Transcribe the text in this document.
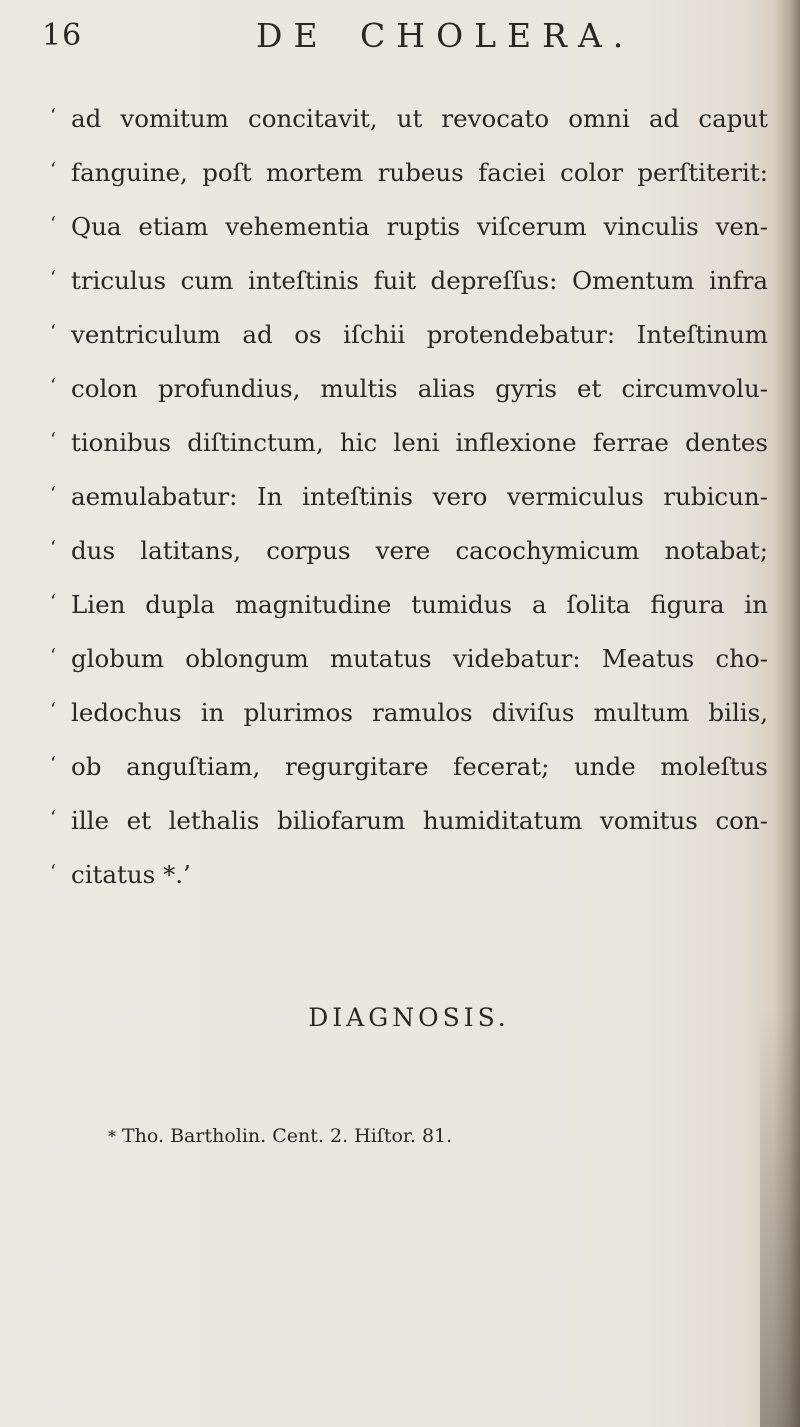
16	DE CHOLERA.
‘ ad vomitum concitavit, ut revocato omni ad caput
‘ fanguine, poſt mortem rubeus faciei color perſtiterit:
‘ Qua etiam vehementia ruptis viſcerum vinculis ven-
‘ triculus cum inteſtinis fuit depreſſus: Omentum infra
‘ ventriculum ad os iſchii protendebatur: Inteſtinum
‘ colon profundius, multis alias gyris et circumvolu-
‘ tionibus diſtinctum, hic leni inflexione ferrae dentes
‘ aemulabatur: In inteſtinis vero vermiculus rubicun-
‘ dus latitans, corpus vere cacochymicum notabat;
‘ Lien dupla magnitudine tumidus a ſolita figura in
‘ globum oblongum mutatus videbatur: Meatus cho-
‘ ledochus in plurimos ramulos diviſus multum bilis,
‘ ob anguſtiam, regurgitare fecerat; unde moleſtus
‘ ille et lethalis biliofarum humiditatum vomitus con-
‘ citatus *.’
DIAGNOSIS.
* Tho. Bartholin. Cent. 2. Hiſtor. 81.
